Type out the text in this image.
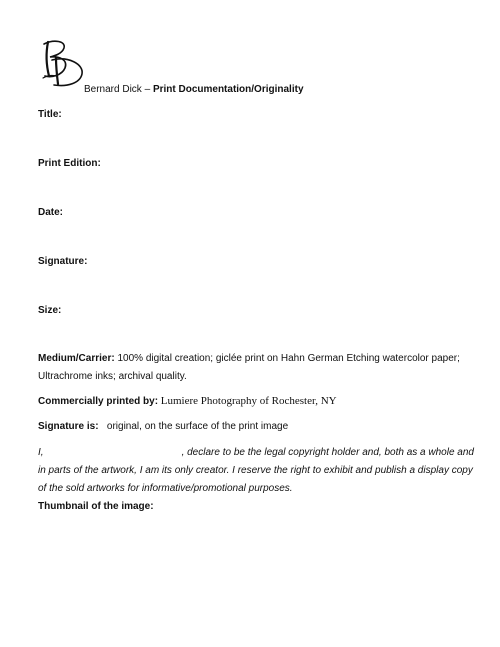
Bernard Dick – Print Documentation/Originality
Title:
Print Edition:
Date:
Signature:
Size:
Medium/Carrier: 100% digital creation; giclée print on Hahn German Etching watercolor paper; Ultrachrome inks; archival quality.
Commercially printed by: Lumiere Photography of Rochester, NY
Signature is:   original, on the surface of the print image
I,	, declare to be the legal copyright holder and, both as a whole and in parts of the artwork, I am its only creator. I reserve the right to exhibit and publish a display copy of the sold artworks for informative/promotional purposes.
Thumbnail of the image:
